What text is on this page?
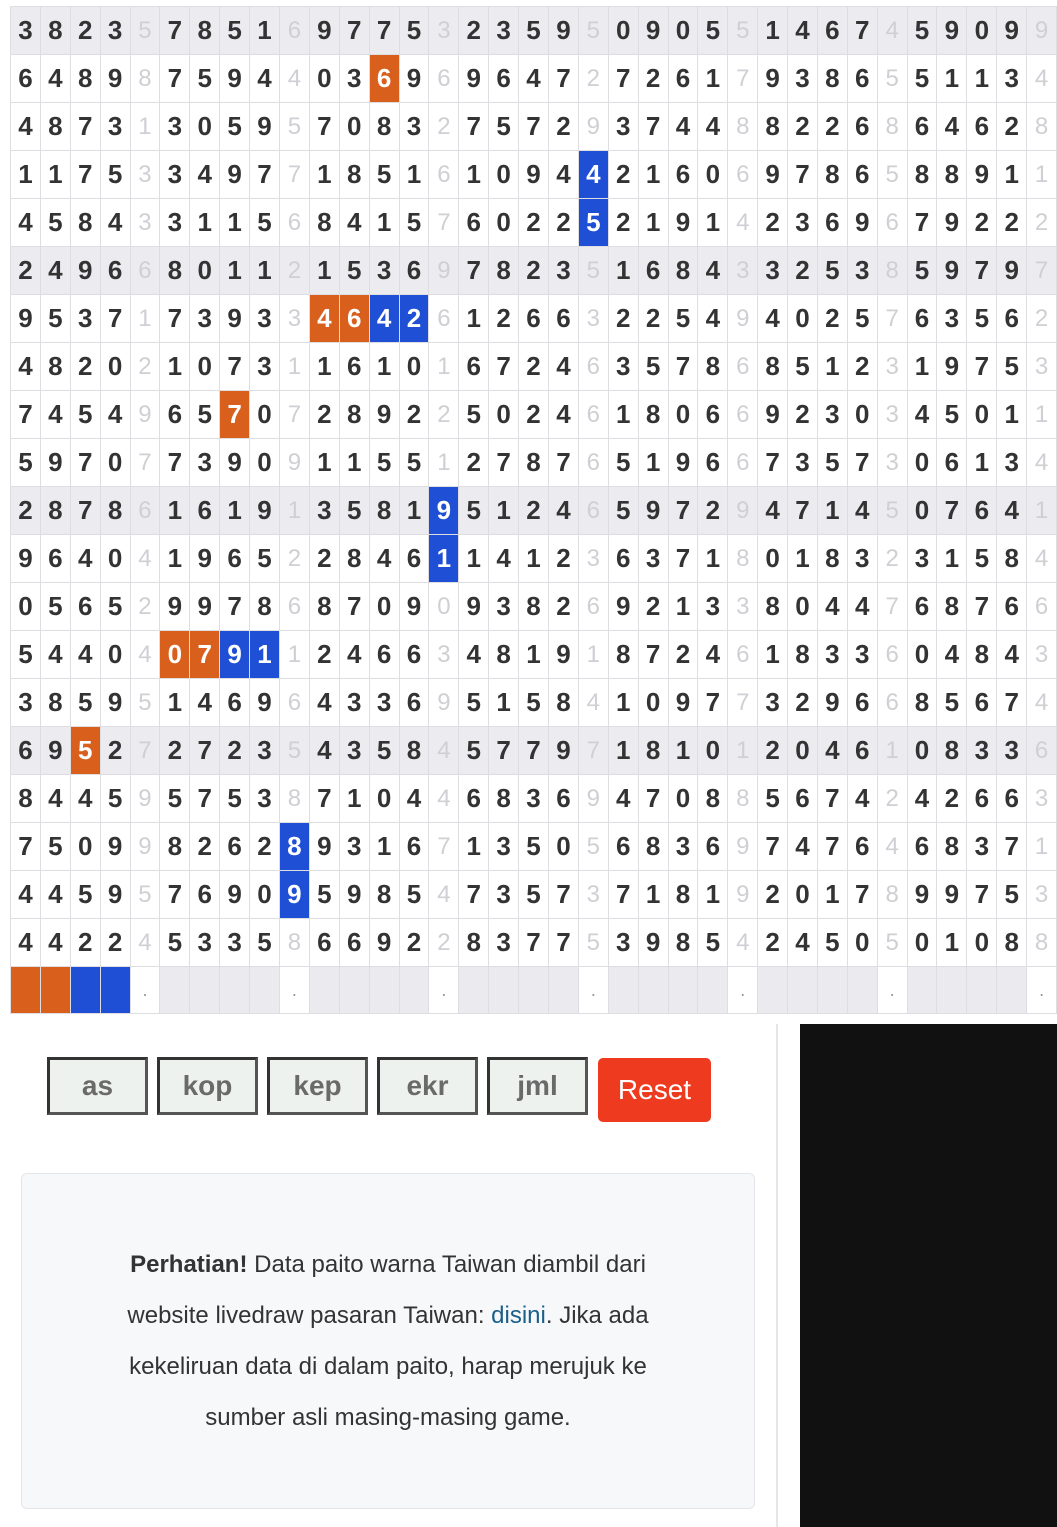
3	8	2	3	5	7	8	5	1	6	9	7	7	5	3	2	3	5	9	5	0	9	0	5	5	1	4	6	7	4	5	9	0	9	9
6	4	8	9	8	7	5	9	4	4	0	3	6	9	6	9	6	4	7	2	7	2	6	1	7	9	3	8	6	5	5	1	1	3	4
4	8	7	3	1	3	0	5	9	5	7	0	8	3	2	7	5	7	2	9	3	7	4	4	8	8	2	2	6	8	6	4	6	2	8
1	1	7	5	3	3	4	9	7	7	1	8	5	1	6	1	0	9	4	4	2	1	6	0	6	9	7	8	6	5	8	8	9	1	1
4	5	8	4	3	3	1	1	5	6	8	4	1	5	7	6	0	2	2	5	2	1	9	1	4	2	3	6	9	6	7	9	2	2	2
2	4	9	6	6	8	0	1	1	2	1	5	3	6	9	7	8	2	3	5	1	6	8	4	3	3	2	5	3	8	5	9	7	9	7
9	5	3	7	1	7	3	9	3	3	4	6	4	2	6	1	2	6	6	3	2	2	5	4	9	4	0	2	5	7	6	3	5	6	2
4	8	2	0	2	1	0	7	3	1	1	6	1	0	1	6	7	2	4	6	3	5	7	8	6	8	5	1	2	3	1	9	7	5	3
7	4	5	4	9	6	5	7	0	7	2	8	9	2	2	5	0	2	4	6	1	8	0	6	6	9	2	3	0	3	4	5	0	1	1
5	9	7	0	7	7	3	9	0	9	1	1	5	5	1	2	7	8	7	6	5	1	9	6	6	7	3	5	7	3	0	6	1	3	4
2	8	7	8	6	1	6	1	9	1	3	5	8	1	9	5	1	2	4	6	5	9	7	2	9	4	7	1	4	5	0	7	6	4	1
9	6	4	0	4	1	9	6	5	2	2	8	4	6	1	1	4	1	2	3	6	3	7	1	8	0	1	8	3	2	3	1	5	8	4
0	5	6	5	2	9	9	7	8	6	8	7	0	9	0	9	3	8	2	6	9	2	1	3	3	8	0	4	4	7	6	8	7	6	6
5	4	4	0	4	0	7	9	1	1	2	4	6	6	3	4	8	1	9	1	8	7	2	4	6	1	8	3	3	6	0	4	8	4	3
3	8	5	9	5	1	4	6	9	6	4	3	3	6	9	5	1	5	8	4	1	0	9	7	7	3	2	9	6	6	8	5	6	7	4
6	9	5	2	7	2	7	2	3	5	4	3	5	8	4	5	7	7	9	7	1	8	1	0	1	2	0	4	6	1	0	8	3	3	6
8	4	4	5	9	5	7	5	3	8	7	1	0	4	4	6	8	3	6	9	4	7	0	8	8	5	6	7	4	2	4	2	6	6	3
7	5	0	9	9	8	2	6	2	8	9	3	1	6	7	1	3	5	0	5	6	8	3	6	9	7	4	7	6	4	6	8	3	7	1
4	4	5	9	5	7	6	9	0	9	5	9	8	5	4	7	3	5	7	3	7	1	8	1	9	2	0	1	7	8	9	9	7	5	3
4	4	2	2	4	5	3	3	5	8	6	6	9	2	2	8	3	7	7	5	3	9	8	5	4	2	4	5	0	5	0	1	0	8	8
				.					.					.					.					.					.					.
as	kop	kep	ekr	jml	Reset

Perhatian! Data paito warna Taiwan diambil dari website livedraw pasaran Taiwan: disini. Jika ada kekeliruan data di dalam paito, harap merujuk ke sumber asli masing-masing game.
